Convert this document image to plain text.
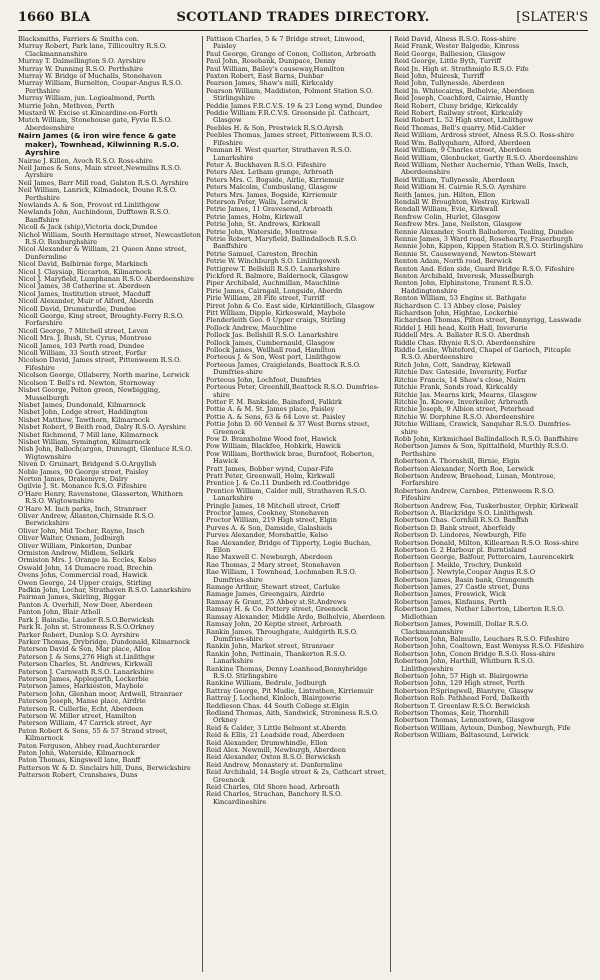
1660 BLA	SCOTLAND TRADES DIRECTORY.	[SLATER'S

Blacksmiths, Farriers & Smiths con.

Murray Robert, Park lane, Tillicoultry R.S.O. Clackmannanshire

Murray T. Dalmellington S.O. Ayrshire

Murray W. Dunning R.S.O. Perthshire

Murray W. Bridge of Muchalls, Stonehaven

Murray William, Burnelton, Coupar-Angus R.S.O. Perthshire

Murray William, jun. Logiealmond, Perth

Murrie John, Methven, Perth

Mustard W. Excise st.Kincardine-on-Forth

Mutch William, Stonehouse gate, Fyvie R.S.O. Aberdeenshire

Nairn James (& iron wire fence & gate maker), Townhead, Kilwinning R.S.O. Ayrshire

Nairne J. Killen, Avoch R.S.O. Ross-shire

Neil James & Sons, Main street,Newmilns R.S.O. Ayrshire

Neil James, Barr Mill road, Galston R.S.O. Ayrshire

Neil William, Lanrick, Kilmadock, Doune R.S.O. Perthshire

Newlands A. & Son, Provost rd.Linlithgow

Newlands John, Auchindoun, Dufftown R.S.O. Banffshire

Nicoll & Jack (ship),Victoria dock,Dundee

Nichol William, South Hermitage street, Newcastleton R.S.O. Roxburghshire

Nicol Alexander & William, 21 Queen Anne street, Dunfermline

Nicol David, Balbirnie forge, Markinch

Nicol J. Claysiap, Riccarton, Kilmarnock

Nicol J. Maryfield, Lumphanan R.S.O. Aberdeenshire

Nicol James, 38 Catherine st. Aberdeen

Nicol James, Institution street, Macduff

Nicoll Alexander, Muir of Alford, Aberdn

Nicoll David, Drumsturdie, Dundee

Nicoll George, King street, Broughty-Ferry R.S.O. Forfarshire

Nicoll George, 7 Mitchell street, Leven

Nicoll Mrs. J. Bush, St. Cyrus, Montrose

Nicoll James, 103 Perth road, Dundee

Nicoll William, 33 South street, Forfar

Nicolson David, James street, Pittenweem R.S.O. Fifeshire

Nicolson George, Ollaberry, North marine, Lerwick

Nicolson T. Bell's rd. Newton, Stornoway

Nisbet George, Pelton green, Newbigging, Musselburgh

Nisbet James, Dundonald, Kilmarnock

Nisbet John, Lodge street, Haddington

Nisbet Matthew, Tawthorn, Kilmarnock

Nisbet Robert, 9 Beith road, Dalry R.S.O. Ayrshire

Nisbet Richmond, 7 Mill lane, Kilmarnock

Nisbet William, Symington, Kilmarnock

Nish John, Balloch(argon, Dunragit, Glenluce R.S.O. Wigtownshire

Niven D. Gruinart, Bridgend S.O.Argyllsh

Noble James, 90 George street, Paisley

Norton James, Drakemyre, Dalry

Ogilvie J. St. Monance R.S.O. Fifeshire

O'Hare Henry, Ravenstone, Glasserton, Whithorn R.S.O. Wigtownshire

O'Hare M. Inch parks, Inch, Stranraer

Oliver Andrew, Allanton,Chirnside R.S.O. Berwickshire

Oliver John, Mid Tocher, Rayne, Insch

Oliver Walter, Oxnam, Jedburgh

Oliver William, Pinkerton, Dunbar

Ormiston Andrew, Midlem, Selkirk

Ormiston Mrs. J. Orange la. Eccles, Kelso

Oswald John, 14 Dumacre road, Brechin

Ovens John, Commercial road, Hawick

Owen George, 24 Upper craigs, Stirling

Padkin John, Lochar, Strathaven R.S.O. Lanarkshire

Pairman James, Skirling, Biggar

Panton A. Overhill, New Deer, Aberdeen

Panton John, Blair Atholl

Park J. Bainslie, Lauder R.S.O.Berwicksh

Park R. John st. Stromness R.S.O.Orkney

Parker Robert, Dunlop S.O. Ayrshire

Parker Thomas, Drybridge, Dundonald, Kilmarnock

Paterson David & Son, Mar place, Alloa

Paterson J. & Sons,276 High st.Linlithgw

Paterson Charles, St. Andrews, Kirkwall

Paterson J. Carnwath R.S.O. Lanarkshire

Paterson James, Applegarth, Lockerbie

Paterson James, Harkieston, Maybole

Paterson John, Glenhan moor, Ardwell, Stranraer

Paterson Joseph, Manse place, Airdrie

Paterson R. Cullerlie, Echt, Aberdeen

Paterson W. Miller street, Hamilton

Paterson William, 47 Carrick street, Ayr

Paton Robert & Sons, 55 & 57 Strand street, Kilmarnock

Paton Ferguson, Abbey road,Auchterarder

Paton John, Waterside, Kilmarnock

Paton Thomas, Kingswell lane, Banff

Patterson W. & D. Sinclairs hill, Duns, Berwickshire

Patterson Robert, Cranshaws, Duns

Pattison Charles, 5 & 7 Bridge street, Linwood, Paisley

Paul George, Grange of Conon, Colliston, Arbroath

Paul John, Rosebank, Dunipace, Denny

Paul William, Bailey's causeway,Hamilton

Paxton Robert, East Barns, Dunbar

Pearson James, Shaw's mill, Kirkcaldy

Pearson William, Maddiston, Polmont Station S.O. Stirlingshire

Peddie James F.R.C.V.S. 19 & 23 Long wynd, Dundee

Peddie William F.R.C.V.S. Greenside pl. Cathcart, Glasgow

Peebles H. & Son, Prestwick R.S.O.Ayrsh

Peebles Thomas, James street, Pittenweem R.S.O. Fifeshire

Penman H. West quarter, Strathaven R.S.O. Lanarkshire

Peter A. Buckhaven R.S.O. Fifeshire

Peters Alex. Letham grange, Arbroath

Peters Mrs. C. Bogside, Airlie, Kirriemuir

Peters Malcolm, Cumbuslang, Glasgow

Peters Mrs. James, Bogside, Kirriemuir

Peterson Peter, Walls, Lerwick

Petrie James, 11 Gravesend, Arbroath

Petrie James, Holm, Kirkwall

Petrie John, St. Andrews, Kirkwall

Petrie John, Waterside, Montrose

Petrie Robert, Maryfield, Ballindalloch R.S.O. Banffshire

Petrie Samuel, Careston, Brechin

Petrie W. Winchburgh S.O. Linlithgowsh

Pettigrew T. Bellshill R.S.O. Lanarkshire

Pickford R. Balmore, Baldernock, Glasgow

Piper Archibald, Auchmillan, Mauchline

Pirie James, Cairngall, Longside, Aberdn

Pirie William, 28 Fife street, Turriff

Pirret John & Co. East side, Kirkintilloch, Glasgow

Pitt William, Dipple, Kirkoswald, Maybole

Plenderleith Geo. 6 Upper craigs, Stirling

Pollock Andrew, Mauchline

Pollock Jas. Bellshill R.S.O. Lanarkshire

Pollock James, Cumbernauld, Glasgow

Pollock James, Wellhall road, Hamilton

Porteous J. & Son, West port, Linlithgow

Porteous James, Craigielands, Beattock R.S.O. Dumfries-shire

Porteous John, Lochfoot, Dumfries

Porteous Peter, Greenhill,Beattock R.S.O. Dumfries-shire

Potter F. M. Bankside, Bainsford, Falkirk

Pottie A. & M. St. James place, Paisley

Pottie A. & Sons, 63 & 64 Love st. Paisley

Pottie John D. 60 Vennel & 37 West Burns street, Greenock

Pow D. Branxholme Wood foot, Hawick

Pow William, Blackfee, Hobkirk, Hawick

Pow William, Borthwick brae, Burnfoot, Roberton, Hawick

Pratt James, Bobber wynd, Cupar-Fife

Pratt Peter, Greenwall, Holm, Kirkwall

Prentice J. & Co.11 Dunbeth rd.Coatbridge

Prentice William, Calder mill, Strathaven R.S.O. Lanarkshire

Pringle James, 18 Mitchell street, Crieff

Proctor James, Cookney, Stonehaven

Proctor William, 219 High street, Elgin

Purves A. & Son, Damside, Galashiels

Purves Alexander, Morebattle, Kelso

Rae Alexander, Bridge of Tipperty, Logie Buchan, Ellon

Rae Maxwell C. Newburgh, Aberdeen

Rae Thomas, 2 Mary street, Stonehaven

Rae William, 1 Townhead, Lochmaben R.S.O. Dumfries-shire

Ramage Arthur, Stewart street, Carluke

Ramage James, Greengairs, Airdrie

Ramsay & Grant, 25 Abbey st.St.Andrews

Ramsay H. & Co. Pottery street, Greenock

Ramsay Alexander, Middle Ardo, Belhelvie, Aberdeen

Ramsay John, 20 Keptie street, Arbroath

Rankin James, Throughgate, Auldgirth R.S.O. Dumfries-shire

Rankin John, Market street, Stranraer

Rankin John, Pettinain, Thankerton R.S.O. Lanarkshire

Rankine Thomas, Denny Loanhead,Bonnybridge R.S.O. Stirlingshire

Rankine William, Bedrule, Jedburgh

Rattray George, Pit Mudie, Lintrathen, Kirriemuir

Rattray J. Lochend, Kinloch, Blairgowrie

Reddieson Chas. 44 South College st.Elgin

Redland Thomas, Aith, Sandwick, Stromness R.S.O. Orkney

Reid & Calder, 3 Little Belmont st.Aberdn

Reid & Ellis, 21 Leadside road, Aberdeen

Reid Alexander, Drumwhindle, Ellon

Reid Alex. Newmill, Newburgh, Aberdeen

Reid Alexander, Oxton R.S.O. Berwicksh

Reid Andrew, Monastery st. Dunfermline

Reid Archibald, 14 Bogle street & 2s, Cathcart street, Greenock

Reid Charles, Old Shore head, Arbroath

Reid Charles, Strachan, Banchory R.S.O. Kincardineshire

Reid David, Alness R.S.O. Ross-shire

Reid Frank, Wester Balgedie, Kinross

Reid George, Balliesion, Glasgow

Reid George, Little Byth, Turriff

Reid Jn. High st. Strathmiglo R.S.O. Fife

Reid John, Muiresk, Turriff

Reid John, Tullynessle, Aberdeen

Reid Jn. Whitecairns, Belhelvie, Aberdeen

Reid Joseph, Coachford, Cairnie, Huntly

Reid Robert, Cluny bridge, Kirkcaldy

Reid Robert, Railway street, Kirkcaldy

Reid Robert L. 52 High street, Linlithgow

Reid Thomas, Bell's quarry, Mid-Calder

Reid William, Ardross street, Alness R.S.O. Ross-shire

Reid Wm. Ballyquharn, Alford, Aberdeen

Reid William, 9 Charles street, Aberdeen

Reid William, Glenbucket, Gartly R.S.O. Aberdeenshire

Reid William, Nether Auchernie, Ythan Wells, Insch, Aberdeenshire

Reid William, Tullynessle, Aberdeen

Reid William H. Cairnie R.S.O. Ayrshire

Reith James, jun. Hilton, Ellon

Rendall W. Broughton, Westray, Kirkwall

Rendall William, Evie, Kirkwall

Renfrew Colin, Hurlet, Glasgow

Renfrew Mrs. Jane, Neilston, Glasgow

Rennie Alexander, South Balluderon, Tealing, Dundee

Rennie James, 3 Ward road, Rosehearty, Fraserburgh

Rennie John, Kippen, Kippen Station R.S.O. Stirlingshire

Rennie St. Causewayend, Newton-Stewart

Renton Adam, North road, Berwick

Renton And. Eden side, Guard Bridge R.S.O. Fifeshire

Renton Archibald, Inveresk, Musselburgh

Renton John, Elphinstone, Tranent R.S.O. Haddingtonshire

Renton William, 53 Engine st. Bathgate

Richardson C. 13 Abbey close, Paisley

Richardson John, Hightae, Lockerbie

Richardson Thomas, Pilton street, Bonnyrigg, Lasswade

Riddel J. Hill head, Keith Hall, Inverurie

Riddell Mrs. A. Ballater R.S.O. Aberdnsh

Riddle Chas. Rhynie R.S.O. Aberdeenshire

Riddle Leslie, Whiteford, Chapel of Garioch, Pitcaple R.S.O. Aberdeenshire

Ritch John, Cott, Sandray, Kirkwall

Ritchie Dav. Gateside, Inverarity, Forfar

Ritchie Francis, 14 Shaw's close, Nairn

Ritchie Frank, Sands road, Kirkcaldy

Ritchie Jas. Mearns kirk, Mearns, Glasgow

Ritchie Jn. Knowe, Inverkeilor, Arbroath

Ritchie Joseph, 9 Albion street, Peterhead

Ritchie W. Dorphine R.S.O. Aberdeenshire

Ritchie William, Crawick, Sanquhar R.S.O. Dumfries-shire

Robb John, Kirkmichael Ballindalloch R.S.O. Banffshire

Robertson James & Son, Spittalfield, Murthly R.S.O. Perthshire

Robertson A. Thornshill, Birnie, Elgin

Robertson Alexander, North Roe, Lerwick

Robertson Andrew, Braehead, Lunan, Montrose, Forfarshire

Robertson Andrew, Carnbee, Pittenweem R.S.O. Fifeshire

Robertson Andrew, Fea, Tuskerbuster, Orphir, Kirkwall

Robertson A. Blackridge S.O. Linlithgwsh

Robertson Chas. Cornhill R.S.O. Banffsh

Robertson D. Bank street, Aberfeldy

Robertson D. Lindores, Newburgh, Fife

Robertson Donald, Milton, Killearnan R.S.O. Ross-shire

Robertson G. 2 Harbour pl. Burntisland

Robertson George, Balfour, Pettercairn, Laurencekirk

Robertson J. Meikle, Trochry, Dunkeld

Robertson J. Newtyle,Coupar Angus R.S.O

Robertson James, Basin bank, Grangemth

Robertson James, 27 Castle street, Duns

Robertson James, Freswick, Wick

Robertson James, Kinfauns, Perth

Robertson James, Nether Liberton, Liberton R.S.O. Midlothian

Robertson James, Powmill, Dollar R.S.O. Clackmannanshire

Robertson John, Balmullo, Leuchars R.S.O. Fifeshire

Robertson John, Coaltown, East Wemyss R.S.O. Fifeshire

Robertson John, Conon Bridge R.S.O. Ross-shire

Robertson John, Harthill, Whitburn R.S.O. Linlithgowshire

Robertson John, 57 High st. Blairgowrie

Robertson John, 129 High street, Perth

Robertson P.Springwell, Blantyre, Glasgw

Robertson Rob. Pathhead Ford, Dalkeith

Robertson T. Greenlaw R.S.O. Berwicksh

Robertson Thomas, Keir, Thornhill

Robertson Thomas, Lennoxtown, Glasgow

Robertson William, Aytoun, Dunbog, Newburgh, Fife

Robertson William, Baltasound, Lerwick
